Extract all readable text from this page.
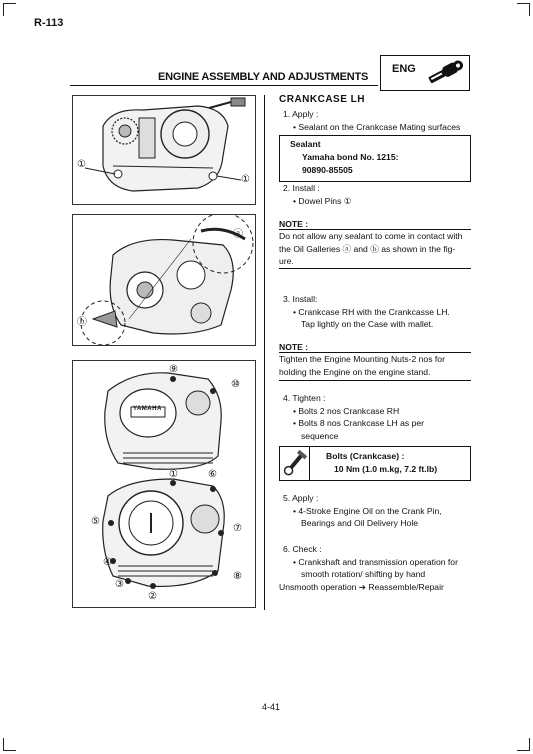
R-113
ENGINE ASSEMBLY AND ADJUSTMENTS
ENG
①
①
ⓐ
ⓑ
YAMAHA
⑨
⑩
⑥
①
⑤
⑦
④
③
②
⑧
CRANKCASE LH
1. Apply :
• Sealant on the Crankcase Mating surfaces
Sealant
Yamaha bond No. 1215:
90890-85505
2. Install :
• Dowel Pins ①
NOTE :
Do not allow any sealant to come in contact with
the Oil Galleries ⓐ and ⓑ as shown in the fig-
ure.
3. Install:
• Crankcase RH with the Crankcasse LH.
Tap lightly on the Case with mallet.
NOTE :
Tighten the Engine Mounting Nuts-2 nos for
holding the Engine on the engine stand.
4. Tighten :
• Bolts 2 nos Crankcase RH
• Bolts 8 nos Crankcase LH as per
sequence
Bolts (Crankcase) :
10 Nm (1.0 m.kg, 7.2 ft.lb)
5. Apply :
• 4-Stroke Engine Oil on the Crank Pin,
Bearings and Oil Delivery Hole
6. Check :
• Crankshaft and transmission operation for
smooth rotation/ shifting by hand
Unsmooth operation ➔ Reassemble/Repair
4-41
